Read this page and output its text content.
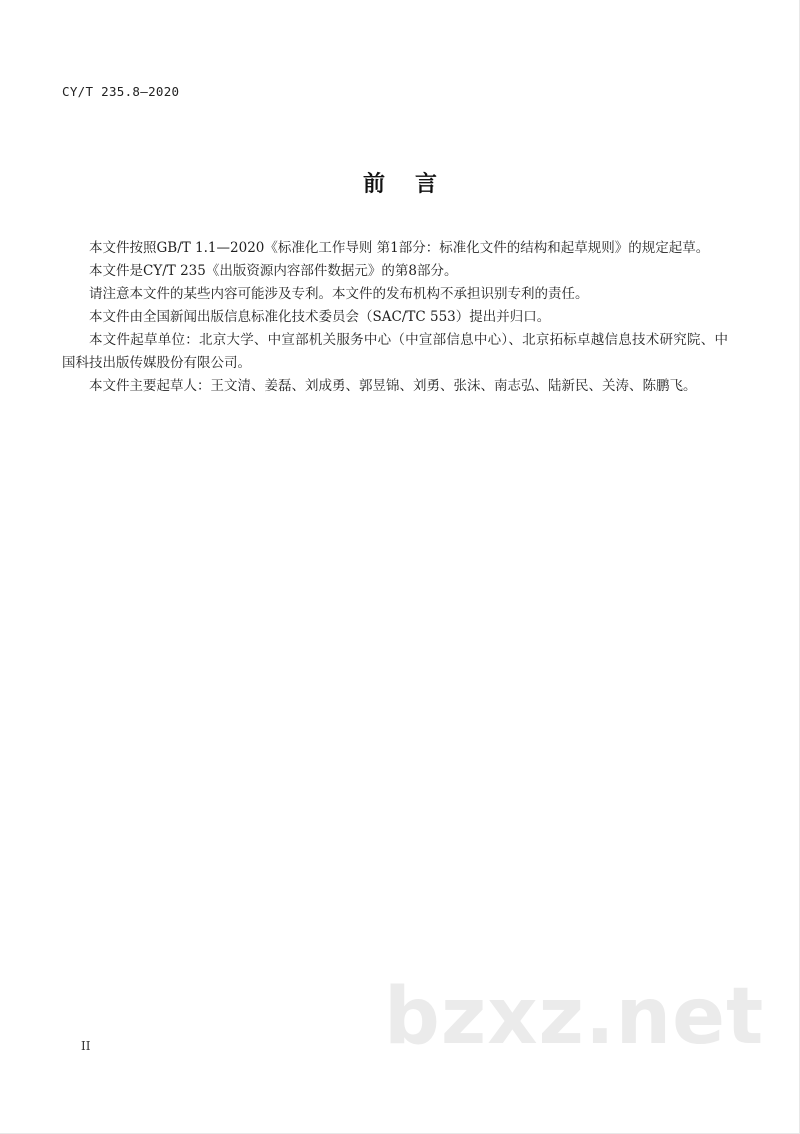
CY/T 235.8—2020
前言

本文件按照GB/T 1.1—2020《标准化工作导则 第1部分：标准化文件的结构和起草规则》的规定起草。

本文件是CY/T 235《出版资源内容部件数据元》的第8部分。

请注意本文件的某些内容可能涉及专利。本文件的发布机构不承担识别专利的责任。

本文件由全国新闻出版信息标准化技术委员会（SAC/TC 553）提出并归口。

本文件起草单位：北京大学、中宣部机关服务中心（中宣部信息中心）、北京拓标卓越信息技术研究院、中国科技出版传媒股份有限公司。

本文件主要起草人：王文清、姜磊、刘成勇、郭昱锦、刘勇、张沫、南志弘、陆新民、关涛、陈鹏飞。

II	bzxz.net
